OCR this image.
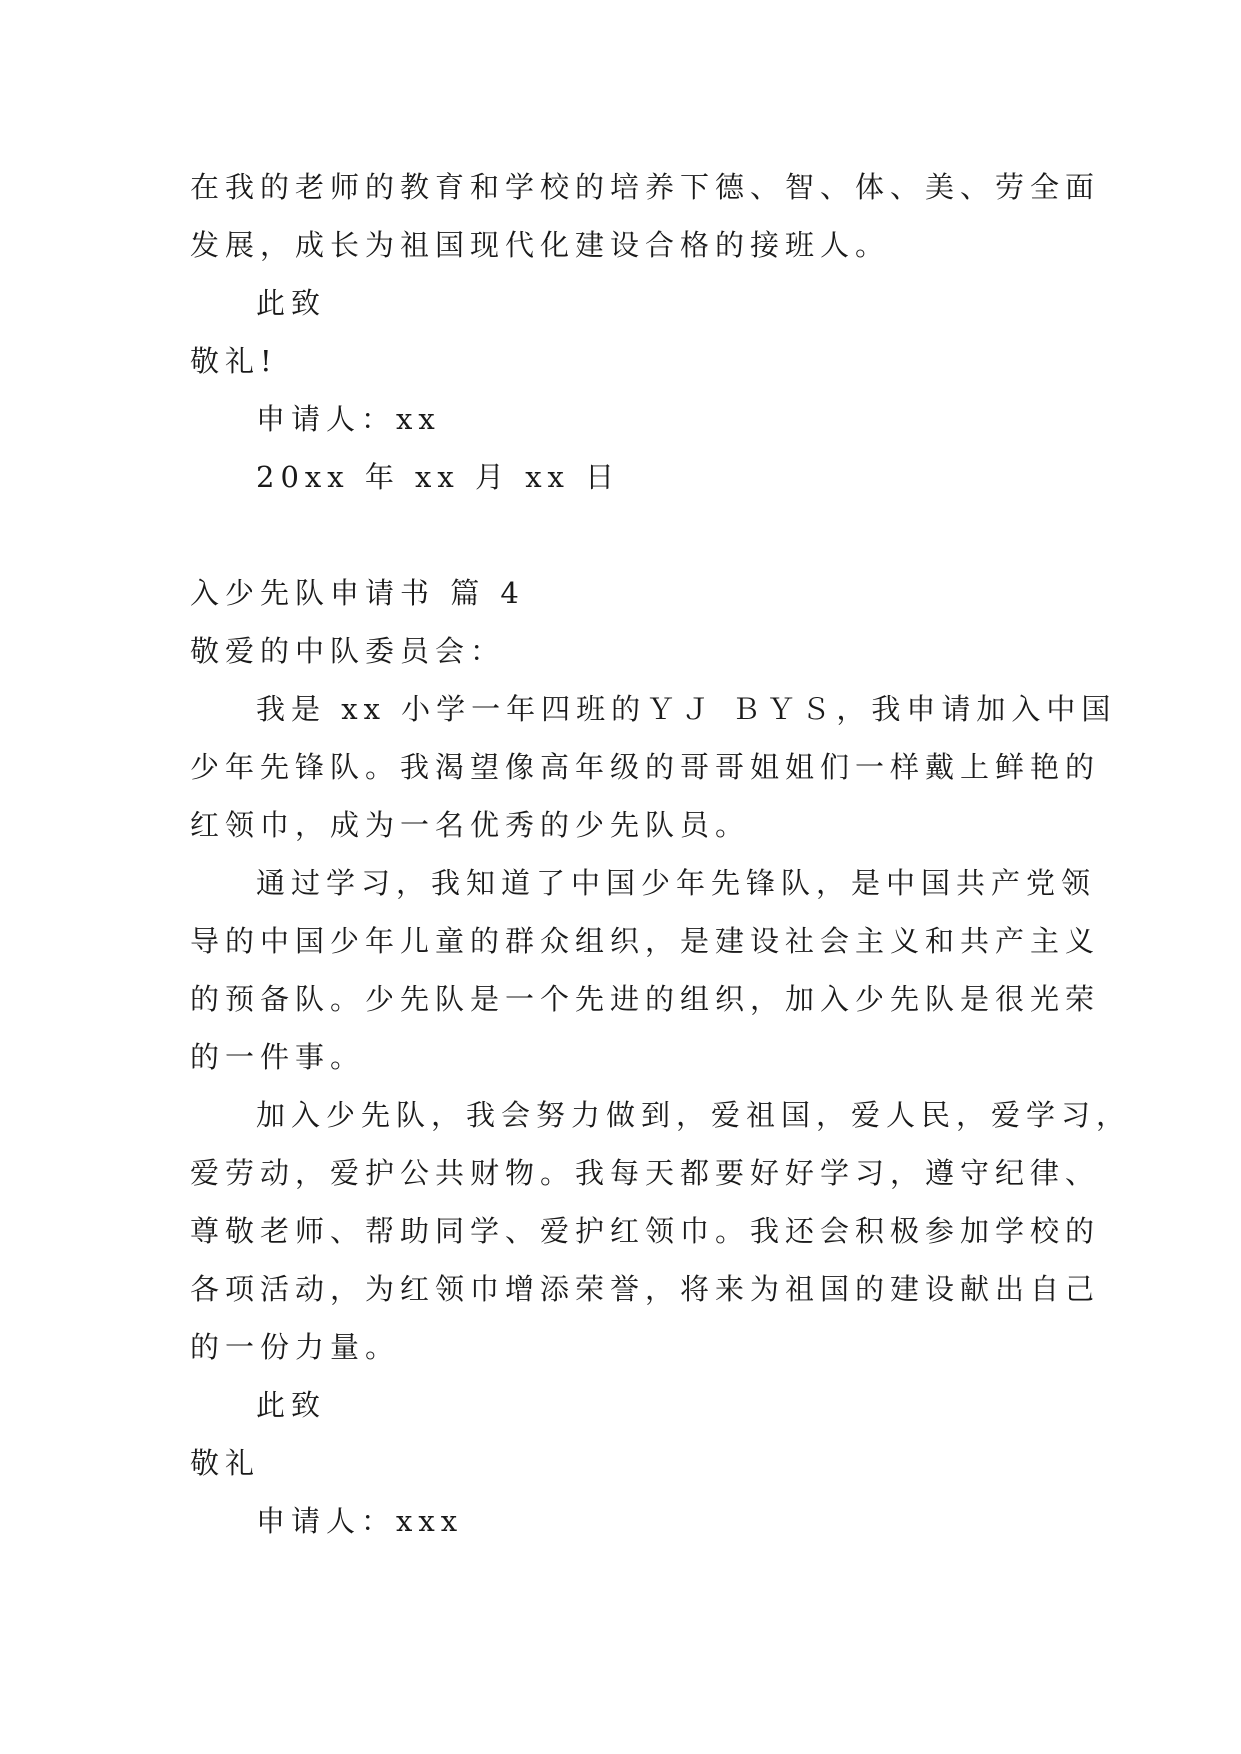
在我的老师的教育和学校的培养下德、智、体、美、劳全面
发展，成长为祖国现代化建设合格的接班人。
此致
敬礼!
申请人：xx
20xx 年 xx 月 xx 日
入少先队申请书 篇 4
敬爱的中队委员会：
我是 xx 小学一年四班的ＹＪ ＢＹＳ，我申请加入中国
少年先锋队。我渴望像高年级的哥哥姐姐们一样戴上鲜艳的
红领巾，成为一名优秀的少先队员。
通过学习，我知道了中国少年先锋队，是中国共产党领
导的中国少年儿童的群众组织，是建设社会主义和共产主义
的预备队。少先队是一个先进的组织，加入少先队是很光荣
的一件事。
加入少先队，我会努力做到，爱祖国，爱人民，爱学习，
爱劳动，爱护公共财物。我每天都要好好学习，遵守纪律、
尊敬老师、帮助同学、爱护红领巾。我还会积极参加学校的
各项活动，为红领巾增添荣誉，将来为祖国的建设献出自己
的一份力量。
此致
敬礼
申请人：xxx
